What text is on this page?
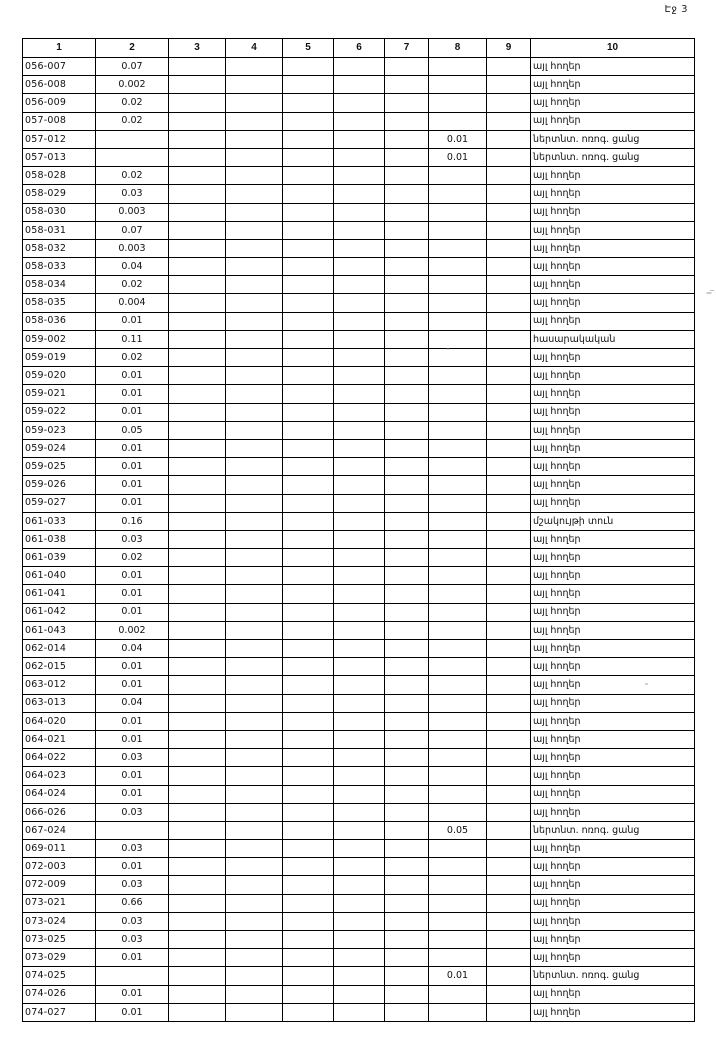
Էջ 3
1	2	3	4	5	6	7	8	9	10
056-007	0.07								այլ հողեր
056-008	0.002								այլ հողեր
056-009	0.02								այլ հողեր
057-008	0.02								այլ հողեր
057-012							0.01		ներտնտ. ոռոգ. ցանց
057-013							0.01		ներտնտ. ոռոգ. ցանց
058-028	0.02								այլ հողեր
058-029	0.03								այլ հողեր
058-030	0.003								այլ հողեր
058-031	0.07								այլ հողեր
058-032	0.003								այլ հողեր
058-033	0.04								այլ հողեր
058-034	0.02								այլ հողեր
058-035	0.004								այլ հողեր
058-036	0.01								այլ հողեր
059-002	0.11								հասարակական
059-019	0.02								այլ հողեր
059-020	0.01								այլ հողեր
059-021	0.01								այլ հողեր
059-022	0.01								այլ հողեր
059-023	0.05								այլ հողեր
059-024	0.01								այլ հողեր
059-025	0.01								այլ հողեր
059-026	0.01								այլ հողեր
059-027	0.01								այլ հողեր
061-033	0.16								մշակույթի տուն
061-038	0.03								այլ հողեր
061-039	0.02								այլ հողեր
061-040	0.01								այլ հողեր
061-041	0.01								այլ հողեր
061-042	0.01								այլ հողեր
061-043	0.002								այլ հողեր
062-014	0.04								այլ հողեր
062-015	0.01								այլ հողեր
063-012	0.01								այլ հողեր
063-013	0.04								այլ հողեր
064-020	0.01								այլ հողեր
064-021	0.01								այլ հողեր
064-022	0.03								այլ հողեր
064-023	0.01								այլ հողեր
064-024	0.01								այլ հողեր
066-026	0.03								այլ հողեր
067-024							0.05		ներտնտ. ոռոգ. ցանց
069-011	0.03								այլ հողեր
072-003	0.01								այլ հողեր
072-009	0.03								այլ հողեր
073-021	0.66								այլ հողեր
073-024	0.03								այլ հողեր
073-025	0.03								այլ հողեր
073-029	0.01								այլ հողեր
074-025							0.01		ներտնտ. ոռոգ. ցանց
074-026	0.01								այլ հողեր
074-027	0.01								այլ հողեր
